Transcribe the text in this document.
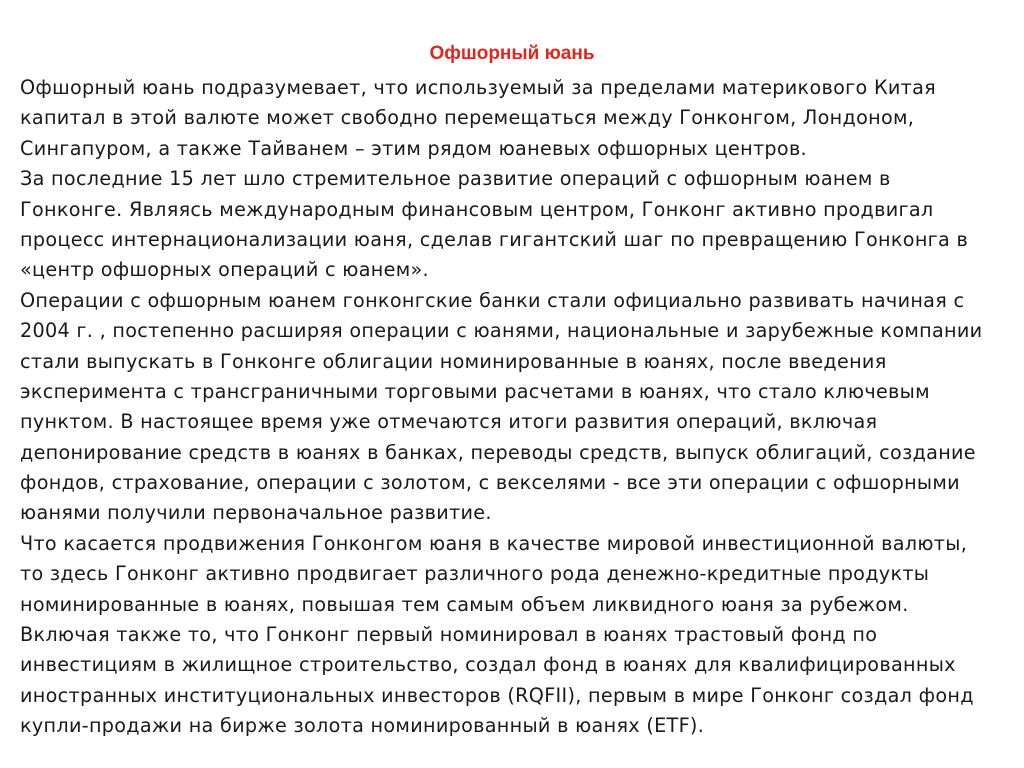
Офшорный юань
Офшорный юань подразумевает, что используемый за пределами материкового Китая
капитал в этой валюте может свободно перемещаться между Гонконгом, Лондоном,
Сингапуром, а также Тайванем – этим рядом юаневых офшорных центров.
За последние 15 лет шло стремительное развитие операций с офшорным юанем в
Гонконге. Являясь международным финансовым центром, Гонконг активно продвигал
процесс интернационализации юаня, сделав гигантский шаг по превращению Гонконга в
«центр офшорных операций с юанем».
Операции с офшорным юанем гонконгские банки стали официально развивать начиная с
2004 г. , постепенно расширяя операции с юанями, национальные и зарубежные компании
стали выпускать в Гонконге облигации номинированные в юанях, после введения
эксперимента с трансграничными торговыми расчетами в юанях, что стало ключевым
пунктом. В настоящее время уже отмечаются итоги развития операций, включая
депонирование средств в юанях в банках, переводы средств, выпуск облигаций, создание
фондов, страхование, операции с золотом, с векселями - все эти операции с офшорными
юанями получили первоначальное развитие.
Что касается продвижения Гонконгом юаня в качестве мировой инвестиционной валюты,
то здесь Гонконг активно продвигает различного рода денежно-кредитные продукты
номинированные в юанях, повышая тем самым объем ликвидного юаня за рубежом.
Включая также то, что Гонконг первый номинировал в юанях трастовый фонд по
инвестициям в жилищное строительство, создал фонд в юанях для квалифицированных
иностранных институциональных инвесторов (RQFII), первым в мире Гонконг создал фонд
купли-продажи на бирже золота номинированный в юанях (ETF).
